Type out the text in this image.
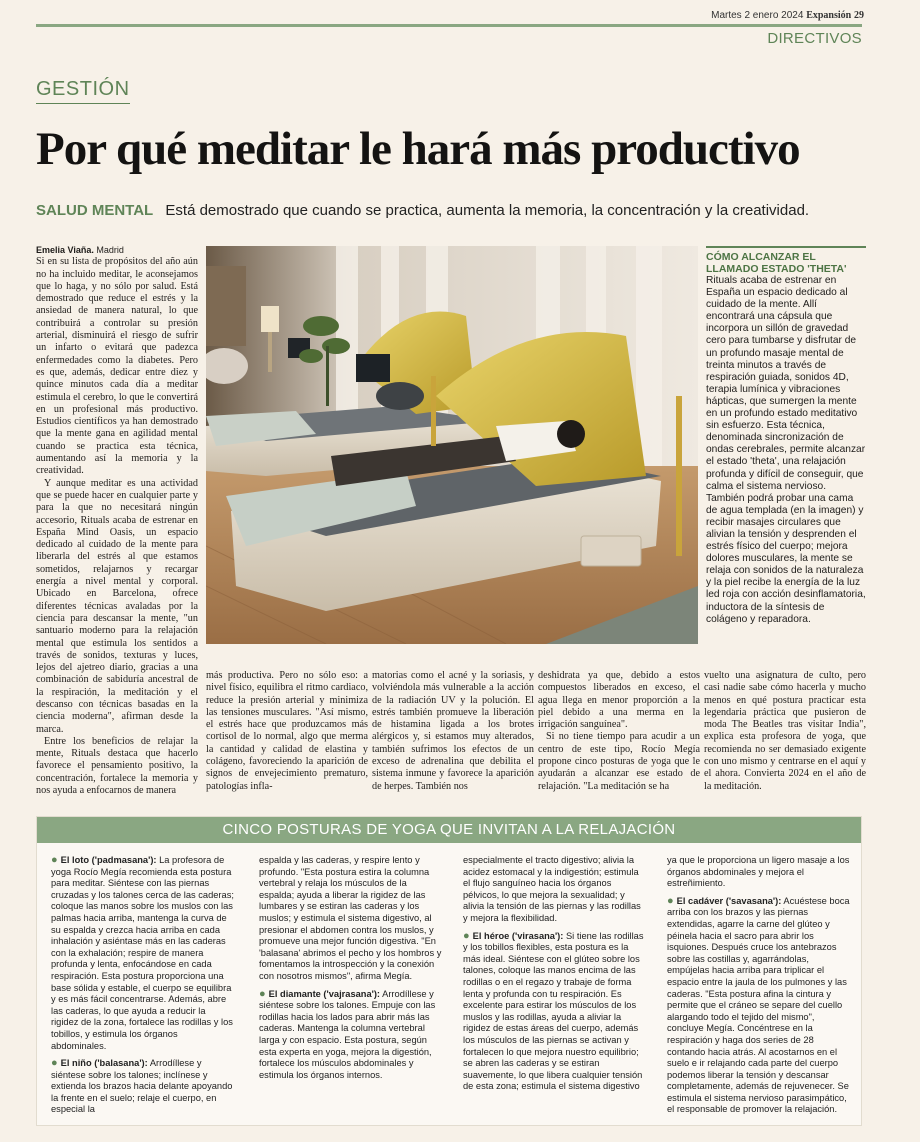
Martes 2 enero 2024 Expansión 29
DIRECTIVOS
GESTIÓN
Por qué meditar le hará más productivo
SALUD MENTAL Está demostrado que cuando se practica, aumenta la memoria, la concentración y la creatividad.
Emelia Viaña. Madrid

Si en su lista de propósitos del año aún no ha incluido meditar, le aconsejamos que lo haga, y no sólo por salud. Está demostrado que reduce el estrés y la ansiedad de manera natural, lo que contribuirá a controlar su presión arterial, disminuirá el riesgo de sufrir un infarto o evitará que padezca enfermedades como la diabetes. Pero es que, además, dedicar entre diez y quince minutos cada día a meditar estimula el cerebro, lo que le convertirá en un profesional más productivo. Estudios científicos ya han demostrado que la mente gana en agilidad mental cuando se practica esta técnica, aumentando así la memoria y la creatividad.

Y aunque meditar es una actividad que se puede hacer en cualquier parte y para la que no necesitará ningún accesorio, Rituals acaba de estrenar en España Mind Oasis, un espacio dedicado al cuidado de la mente para liberarla del estrés al que estamos sometidos, relajarnos y recargar energía a nivel mental y corporal. Ubicado en Barcelona, ofrece diferentes técnicas avaladas por la ciencia para descansar la mente, "un santuario moderno para la relajación mental que estimula los sentidos a través de sonidos, texturas y luces, lejos del ajetreo diario, gracias a una combinación de sabiduría ancestral de la respiración, la meditación y el descanso con técnicas basadas en la ciencia moderna", afirman desde la marca.

Entre los beneficios de relajar la mente, Rituals destaca que hacerlo favorece el pensamiento positivo, la concentración, fortalece la memoria y nos ayuda a enfocarnos de manera

CÓMO ALCANZAR EL LLAMADO ESTADO 'THETA'
Rituals acaba de estrenar en España un espacio dedicado al cuidado de la mente. Allí encontrará una cápsula que incorpora un sillón de gravedad cero para tumbarse y disfrutar de un profundo masaje mental de treinta minutos a través de respiración guiada, sonidos 4D, terapia lumínica y vibraciones hápticas, que sumergen la mente en un profundo estado meditativo sin esfuerzo. Esta técnica, denominada sincronización de ondas cerebrales, permite alcanzar el estado 'theta', una relajación profunda y difícil de conseguir, que calma el sistema nervioso. También podrá probar una cama de agua templada (en la imagen) y recibir masajes circulares que alivian la tensión y desprenden el estrés físico del cuerpo; mejora dolores musculares, la mente se relaja con sonidos de la naturaleza y la piel recibe la energía de la luz led roja con acción desinflamatoria, inductora de la síntesis de colágeno y reparadora.

más productiva. Pero no sólo eso: a nivel físico, equilibra el ritmo cardiaco, reduce la presión arterial y minimiza las tensiones musculares. "Así mismo, el estrés hace que produzcamos más cortisol de lo normal, algo que merma la cantidad y calidad de elastina y colágeno, favoreciendo la aparición de signos de envejecimiento prematuro, patologías infla-

matorias como el acné y la soriasis, y volviéndola más vulnerable a la acción de la radiación UV y la polución. El estrés también promueve la liberación de histamina ligada a los brotes alérgicos y, si estamos muy alterados, también sufrimos los efectos de un exceso de adrenalina que debilita el sistema inmune y favorece la aparición de herpes. También nos

deshidrata ya que, debido a estos compuestos liberados en exceso, el agua llega en menor proporción a la piel debido a una merma en la irrigación sanguínea".

Si no tiene tiempo para acudir a un centro de este tipo, Rocío Megía propone cinco posturas de yoga que le ayudarán a alcanzar ese estado de relajación. "La meditación se ha

vuelto una asignatura de culto, pero casi nadie sabe cómo hacerla y mucho menos en qué postura practicar esta legendaria práctica que pusieron de moda The Beatles tras visitar India", explica esta profesora de yoga, que recomienda no ser demasiado exigente con uno mismo y centrarse en el aquí y el ahora. Convierta 2024 en el año de la meditación.

CINCO POSTURAS DE YOGA QUE INVITAN A LA RELAJACIÓN
● El loto ('padmasana'): La profesora de yoga Rocío Megía recomienda esta postura para meditar. Siéntese con las piernas cruzadas y los talones cerca de las caderas; coloque las manos sobre los muslos con las palmas hacia arriba, mantenga la curva de su espalda y crezca hacia arriba en cada inhalación y asiéntase más en las caderas con la exhalación; respire de manera profunda y lenta, enfocándose en cada respiración. Esta postura proporciona una base sólida y estable, el cuerpo se equilibra y es más fácil concentrarse. Además, abre las caderas, lo que ayuda a reducir la rigidez de la zona, fortalece las rodillas y los tobillos, y estimula los órganos abdominales.
● El niño ('balasana'): Arrodíllese y siéntese sobre los talones; inclínese y extienda los brazos hacia delante apoyando la frente en el suelo; relaje el cuerpo, en especial la
espalda y las caderas, y respire lento y profundo. "Esta postura estira la columna vertebral y relaja los músculos de la espalda; ayuda a liberar la rigidez de las lumbares y se estiran las caderas y los muslos; y estimula el sistema digestivo, al presionar el abdomen contra los muslos, y promueve una mejor función digestiva. "En 'balasana' abrimos el pecho y los hombros y fomentamos la introspección y la conexión con nosotros mismos", afirma Megía.
● El diamante ('vajrasana'): Arrodíllese y siéntese sobre los talones. Empuje con las rodillas hacia los lados para abrir más las caderas. Mantenga la columna vertebral larga y con espacio. Esta postura, según esta experta en yoga, mejora la digestión, fortalece los músculos abdominales y estimula los órganos internos.
especialmente el tracto digestivo; alivia la acidez estomacal y la indigestión; estimula el flujo sanguíneo hacia los órganos pélvicos, lo que mejora la sexualidad; y alivia la tensión de las piernas y las rodillas y mejora la flexibilidad.
● El héroe ('virasana'): Si tiene las rodillas y los tobillos flexibles, esta postura es la más ideal. Siéntese con el glúteo sobre los talones, coloque las manos encima de las rodillas o en el regazo y trabaje de forma lenta y profunda con tu respiración. Es excelente para estirar los músculos de los muslos y las rodillas, ayuda a aliviar la rigidez de estas áreas del cuerpo, además los músculos de las piernas se activan y fortalecen lo que mejora nuestro equilibrio; se abren las caderas y se estiran suavemente, lo que libera cualquier tensión de esta zona; estimula el sistema digestivo
ya que le proporciona un ligero masaje a los órganos abdominales y mejora el estreñimiento.
● El cadáver ('savasana'): Acuéstese boca arriba con los brazos y las piernas extendidas, agarre la carne del glúteo y péinela hacia el sacro para abrir los isquiones. Después cruce los antebrazos sobre las costillas y, agarrándolas, empújelas hacia arriba para triplicar el espacio entre la jaula de los pulmones y las caderas. "Esta postura afina la cintura y permite que el cráneo se separe del cuello alargando todo el tejido del mismo", concluye Megía. Concéntrese en la respiración y haga dos series de 28 contando hacia atrás. Al acostarnos en el suelo e ir relajando cada parte del cuerpo podemos liberar la tensión y descansar completamente, además de rejuvenecer. Se estimula el sistema nervioso parasimpático, el responsable de promover la relajación.
